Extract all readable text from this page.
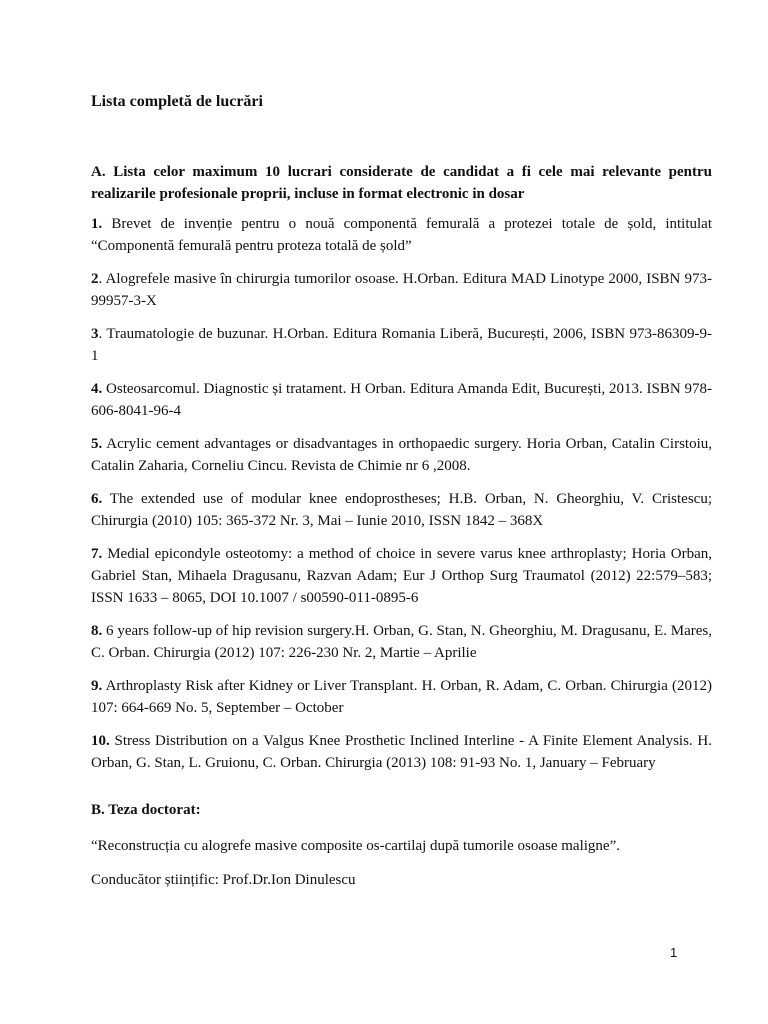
Lista completă de lucrări
A. Lista celor maximum 10 lucrari considerate de candidat a fi cele mai relevante pentru realizarile profesionale proprii, incluse in format electronic in dosar

1. Brevet de invenție pentru o nouă componentă femurală a protezei totale de șold, intitulat “Componentă femurală pentru proteza totală de șold”

2. Alogrefele masive în chirurgia tumorilor osoase. H.Orban. Editura MAD Linotype 2000, ISBN 973-99957-3-X

3. Traumatologie de buzunar. H.Orban. Editura Romania Liberă, București, 2006, ISBN 973-86309-9-1

4. Osteosarcomul. Diagnostic și tratament. H Orban. Editura Amanda Edit, București, 2013. ISBN 978-606-8041-96-4

5. Acrylic cement advantages or disadvantages in orthopaedic surgery. Horia Orban, Catalin Cirstoiu, Catalin Zaharia, Corneliu Cincu. Revista de Chimie nr 6 ,2008.

6. The extended use of modular knee endoprostheses; H.B. Orban, N. Gheorghiu, V. Cristescu; Chirurgia (2010) 105: 365-372 Nr. 3, Mai – Iunie 2010, ISSN 1842 – 368X

7. Medial epicondyle osteotomy: a method of choice in severe varus knee arthroplasty; Horia Orban, Gabriel Stan, Mihaela Dragusanu, Razvan Adam; Eur J Orthop Surg Traumatol (2012) 22:579–583; ISSN 1633 – 8065, DOI 10.1007 / s00590-011-0895-6

8. 6 years follow-up of hip revision surgery.H. Orban, G. Stan, N. Gheorghiu, M. Dragusanu, E. Mares, C. Orban. Chirurgia (2012) 107: 226-230 Nr. 2, Martie – Aprilie

9. Arthroplasty Risk after Kidney or Liver Transplant. H. Orban, R. Adam, C. Orban. Chirurgia (2012) 107: 664-669 No. 5, September – October

10. Stress Distribution on a Valgus Knee Prosthetic Inclined Interline - A Finite Element Analysis. H. Orban, G. Stan, L. Gruionu, C. Orban. Chirurgia (2013) 108: 91-93 No. 1, January – February

B. Teza doctorat:
“Reconstrucția cu alogrefe masive composite os-cartilaj după tumorile osoase maligne”.
Conducător științific: Prof.Dr.Ion Dinulescu
1
